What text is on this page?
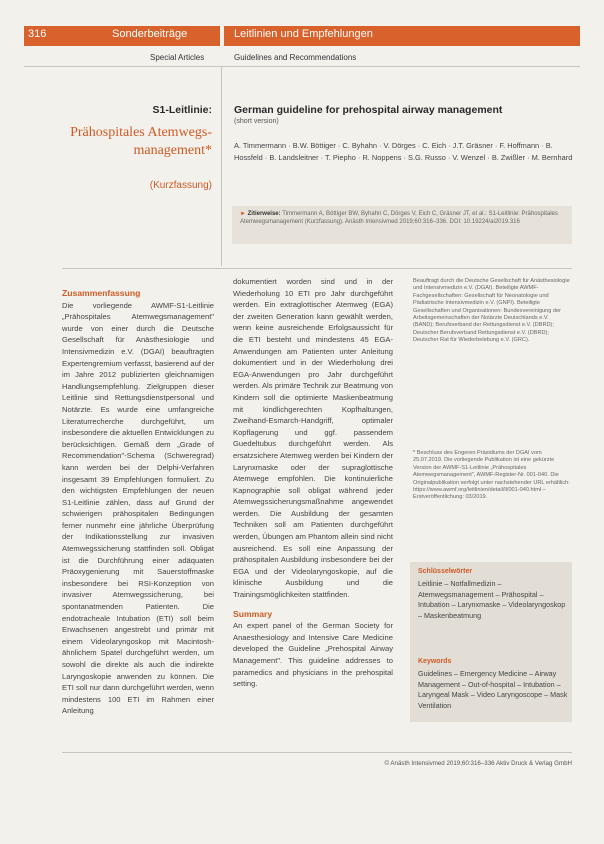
316	Sonderbeiträge	Leitlinien und Empfehlungen
Special Articles	Guidelines and Recommendations
S1-Leitlinie:
Prähospitales Atemwegs-management*
(Kurzfassung)
German guideline for prehospital airway management
(short version)
A. Timmermann · B.W. Böttiger · C. Byhahn · V. Dörges · C. Eich · J.T. Gräsner · F. Hoffmann · B. Hossfeld · B. Landsleitner · T. Piepho · R. Noppens · S.G. Russo · V. Wenzel · B. Zwißler · M. Bernhard
► Zitierweise: Timmermann A, Böttiger BW, Byhahn C, Dörges V, Eich C, Gräsner JT, et al.: S1-Leitlinie: Prähospitales Atemwegsmanagement (Kurzfassung). Anästh Intensivmed 2019;60:316–336. DOI: 10.19224/ai2019.316
Zusammenfassung
Die vorliegende AWMF-S1-Leitlinie „Prähospitales Atemwegsmanagement" wurde von einer durch die Deutsche Gesellschaft für Anästhesiologie und Intensivmedizin e.V. (DGAI) beauftragten Expertengremium verfasst, basierend auf der im Jahre 2012 publizierten gleichnamigen Handlungsempfehlung. Zielgruppen dieser Leitlinie sind Rettungsdienstpersonal und Notärzte. Es wurde eine umfangreiche Literaturrecherche durchgeführt, um insbesondere die aktuellen Entwicklungen zu berücksichtigen. Gemäß dem „Grade of Recommendation"-Schema (Schweregrad) kann werden bei der Delphi-Verfahren insgesamt 39 Empfehlungen formuliert. Zu den wichtigsten Empfehlungen der neuen S1-Leitlinie zählen, dass auf Grund der schwierigen prähospitalen Bedingungen ferner nunmehr eine jährliche Überprüfung der Indikationsstellung zur invasiven Atemwegssicherung stattfinden soll. Obligat ist die Durchführung einer adäquaten Präoxygenierung mit Sauerstoffmaske insbesondere bei RSI-Konzeption von invasiver Atemwegssicherung, bei spontanatmenden Patienten. Die endotracheale Intubation (ETI) soll beim Erwachsenen angestrebt und primär mit einem Videolaryngoskop mit Macintosh-ähnlichem Spatel durchgeführt werden, um sowohl die direkte als auch die indirekte Laryngoskopie anwenden zu können. Die ETI soll nur dann durchgeführt werden, wenn mindestens 100 ETI im Rahmen einer Anleitung
dokumentiert worden sind und in der Wiederholung 10 ETI pro Jahr durchgeführt werden. Ein extraglottischer Atemweg (EGA) der zweiten Generation kann gewählt werden, wenn keine ausreichende Erfolgsaussicht für die ETI besteht und mindestens 45 EGA-Anwendungen am Patienten unter Anleitung dokumentiert und in der Wiederholung drei EGA-Anwendungen pro Jahr durchgeführt werden. Als primäre Technik zur Beatmung von Kindern soll die optimierte Maskenbeatmung mit kindlichgerechten Kopfhaltungen, Zweihand-Esmarch-Handgriff, optimaler Kopflagerung und ggf. passendem Guedeltubus durchgeführt werden. Als ersatzsichere Atemweg werden bei Kindern der Larynxmaske oder der supraglottische Atemwege empfohlen. Die kontinuierliche Kapnographie soll obligat während jeder Atemwegssicherungsmaßnahme angewendet werden. Die Ausbildung der gesamten Techniken soll am Patienten durchgeführt werden, Übungen am Phantom allein sind nicht ausreichend. Es soll eine Anpassung der prähospitalen Ausbildung insbesondere bei der EGA und der Videolaryngoskopie, auf die klinische Ausbildung und die Trainingsmöglichkeiten stattfinden.
Summary
An expert panel of the German Society for Anaesthesiology and Intensive Care Medicine developed the Guideline „Prehospital Airway Management". This guideline addresses to paramedics and physicians in the prehospital setting.
Beauftragt durch die Deutsche Gesellschaft für Anästhesiologie und Intensivmedizin e.V. (DGAI). Beteiligte AWMF-Fachgesellschaften: Gesellschaft für Neonatologie und Pädiatrische Intensivmedizin e.V. (GNPI). Beteiligte Gesellschaften und Organisationen: Bundesvereinigung der Arbeitsgemeinschaften der Notärzte Deutschlands e.V. (BAND); Berufsverband der Rettungsdienst e.V. (DBRD); Deutscher Berufsverband Rettungsdienst e.V. (DBRD); Deutscher Rat für Wiederbelebung e.V. (GRC).
* Beschluss des Engeren Präsidiums der DGAI vom 25.07.2019. Die vorliegende Publikation ist eine gekürzte Version der AWMF-S1-Leitlinie „Prähospitales Atemwegsmanagement", AWMF-Register-Nr. 001-040. Die Originalpublikation verfolgt unter nachstehender URL erhältlich: https://www.awmf.org/leitlinien/detail/ll/001-040.html – Erstveröffentlichung: 03/2019.
Schlüsselwörter
Leitlinie – Notfallmedizin – Atemwegsmanagement – Prähospital – Intubation – Larynxmaske – Videolaryngoskop – Maskenbeatmung
Keywords
Guidelines – Emergency Medicine – Airway Management – Out-of-hospital – Intubation – Laryngeal Mask – Video Laryngoscope – Mask Ventilation
© Anästh Intensivmed 2019;60:316–336 Aktiv Druck & Verlag GmbH
